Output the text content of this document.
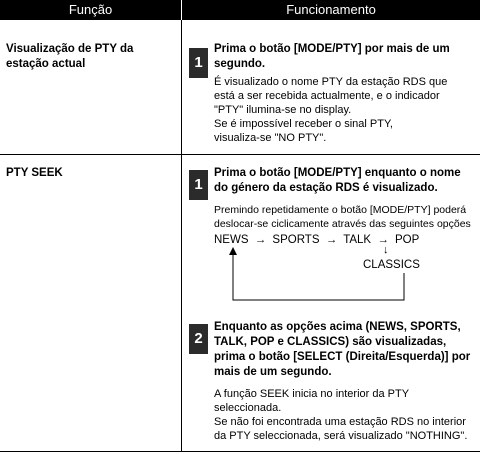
Função	Funcionamento
Visualização de PTY da estação actual	1
Prima o botão [MODE/PTY] por mais de um segundo.
É visualizado o nome PTY da estação RDS que
está a ser recebida actualmente, e o indicador
"PTY" ilumina-se no display.
Se é impossível receber o sinal PTY,
visualiza-se "NO PTY".
PTY SEEK
1
Prima o botão [MODE/PTY] enquanto o nome do género da estação RDS é visualizado.
Premindo repetidamente o botão [MODE/PTY] poderá
deslocar-se ciclicamente através das seguintes opções
NEWS → SPORTS → TALK → POP
↓
CLASSICS
2
Enquanto as opções acima (NEWS, SPORTS, TALK, POP e CLASSICS) são visualizadas, prima o botão [SELECT (Direita/Esquerda)] por mais de um segundo.
A função SEEK inicia no interior da PTY
seleccionada.
Se não foi encontrada uma estação RDS no interior
da PTY seleccionada, será visualizado "NOTHING".
